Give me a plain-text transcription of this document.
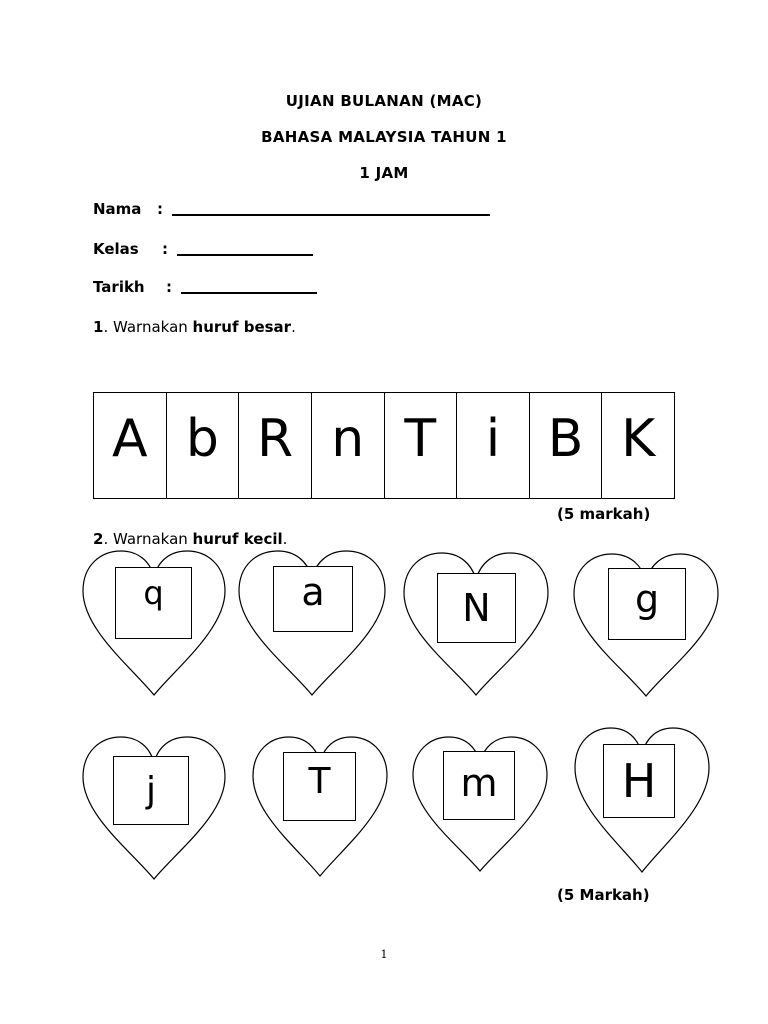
UJIAN BULANAN (MAC)
BAHASA MALAYSIA TAHUN 1
1 JAM
Nama :
Kelas :
Tarikh :
1. Warnakan huruf besar.
A b R n T i B K
(5 markah)
2. Warnakan huruf kecil.
q	a	N	g
j	T	m	H
(5 Markah)
1
